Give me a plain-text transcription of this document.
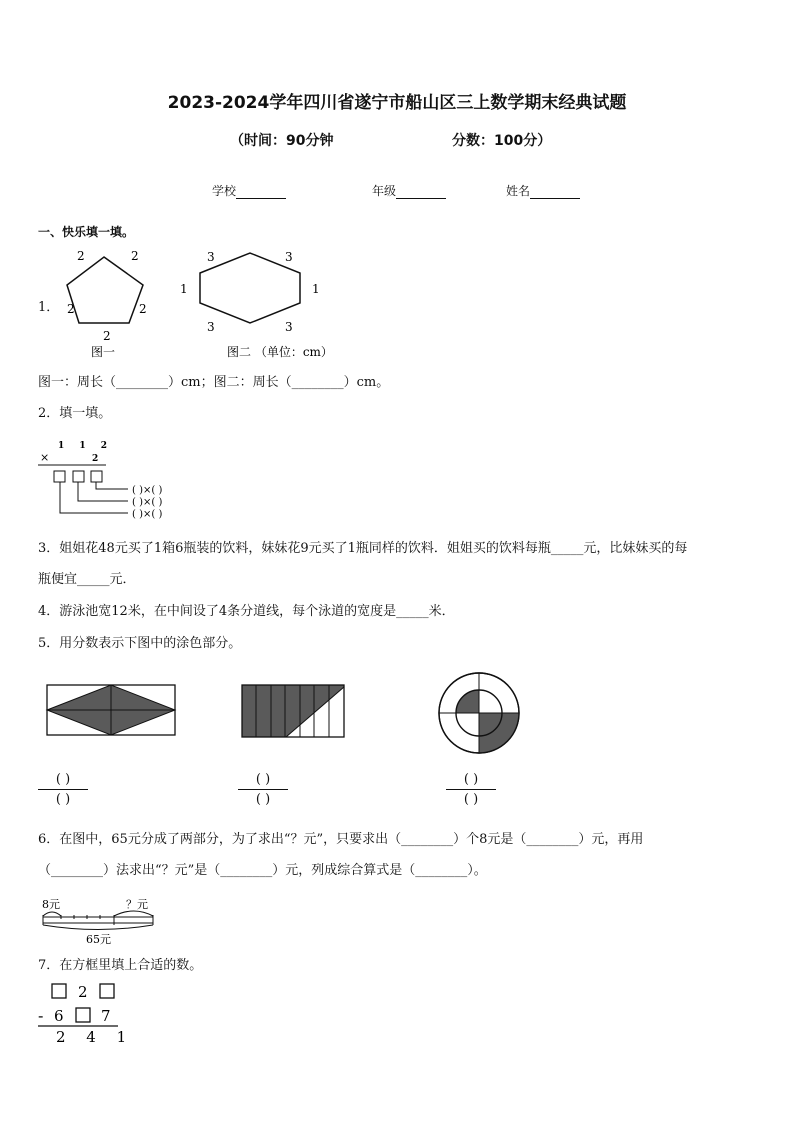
2023-2024学年四川省遂宁市船山区三上数学期末经典试题
（时间：90分钟	分数：100分）
学校	年级	姓名
一、快乐填一填。
1．
2	2
2	2
2
3	3
1	1
3	3
图一	图二 （单位：cm）
图一：周长（________）cm；图二：周长（________）cm。
2．填一填。
1 1 2
×	2
( )×( )
( )×( )
( )×( )
3．姐姐花48元买了1箱6瓶装的饮料，妹妹花9元买了1瓶同样的饮料．姐姐买的饮料每瓶_____元，比妹妹买的每
瓶便宜_____元．
4．游泳池宽12米，在中间设了4条分道线，每个泳道的宽度是_____米．
5．用分数表示下图中的涂色部分。
( )
( )
( )
( )
( )
( )
6．在图中，65元分成了两部分，为了求出“？元”，只要求出（________）个8元是（________）元，再用
（________）法求出“？元”是（________）元，列成综合算式是（________）。
8元	？元
65元
7．在方框里填上合适的数。
2
- 6 7
2 4 1
